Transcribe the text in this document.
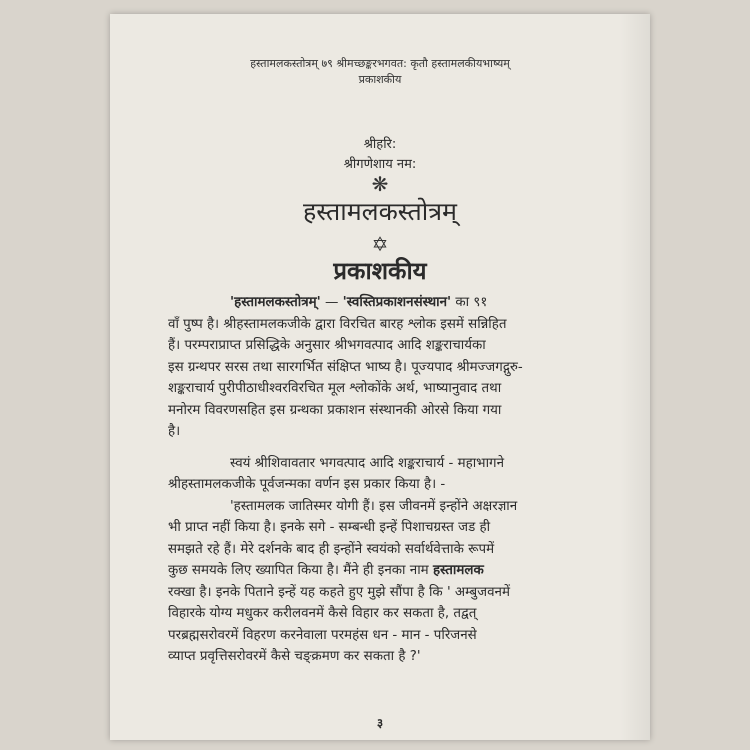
हस्तामलकस्तोत्रम् ७९ श्रीमच्छङ्करभगवत: कृतौ हस्तामलकीयभाष्यम्
प्रकाशकीय
श्रीहरि:
श्रीगणेशाय नम:
❋
हस्तामलकस्तोत्रम्
✡
प्रकाशकीय

'हस्तामलकस्तोत्रम्' — 'स्वस्तिप्रकाशनसंस्थान' का ९१
वाँ पुष्प है। श्रीहस्तामलकजीके द्वारा विरचित बारह श्लोक इसमें सन्निहित
हैं। परम्पराप्राप्त प्रसिद्धिके अनुसार श्रीभगवत्पाद आदि शङ्कराचार्यका
इस ग्रन्थपर सरस तथा सारगर्भित संक्षिप्त भाष्य है। पूज्यपाद श्रीमज्जगद्गुरु-
शङ्कराचार्य पुरीपीठाधीश्वरविरचित मूल श्लोकोंके अर्थ, भाष्यानुवाद तथा
मनोरम विवरणसहित इस ग्रन्थका प्रकाशन संस्थानकी ओरसे किया गया
है।

स्वयं श्रीशिवावतार भगवत्पाद आदि शङ्कराचार्य - महाभागने
श्रीहस्तामलकजीके पूर्वजन्मका वर्णन इस प्रकार किया है। -

'हस्तामलक जातिस्मर योगी हैं। इस जीवनमें इन्होंने अक्षरज्ञान
भी प्राप्त नहीं किया है। इनके सगे - सम्बन्धी इन्हें पिशाचग्रस्त जड ही
समझते रहे हैं। मेरे दर्शनके बाद ही इन्होंने स्वयंको सर्वार्थवेत्ताके रूपमें
कुछ समयके लिए ख्यापित किया है। मैंने ही इनका नाम हस्तामलक
रक्खा है। इनके पिताने इन्हें यह कहते हुए मुझे सौंपा है कि ' अम्बुजवनमें
विहारके योग्य मधुकर करीलवनमें कैसे विहार कर सकता है, तद्वत्
परब्रह्मसरोवरमें विहरण करनेवाला परमहंस धन - मान - परिजनसे
व्याप्त प्रवृत्तिसरोवरमें कैसे चङ्क्रमण कर सकता है ?'

३
